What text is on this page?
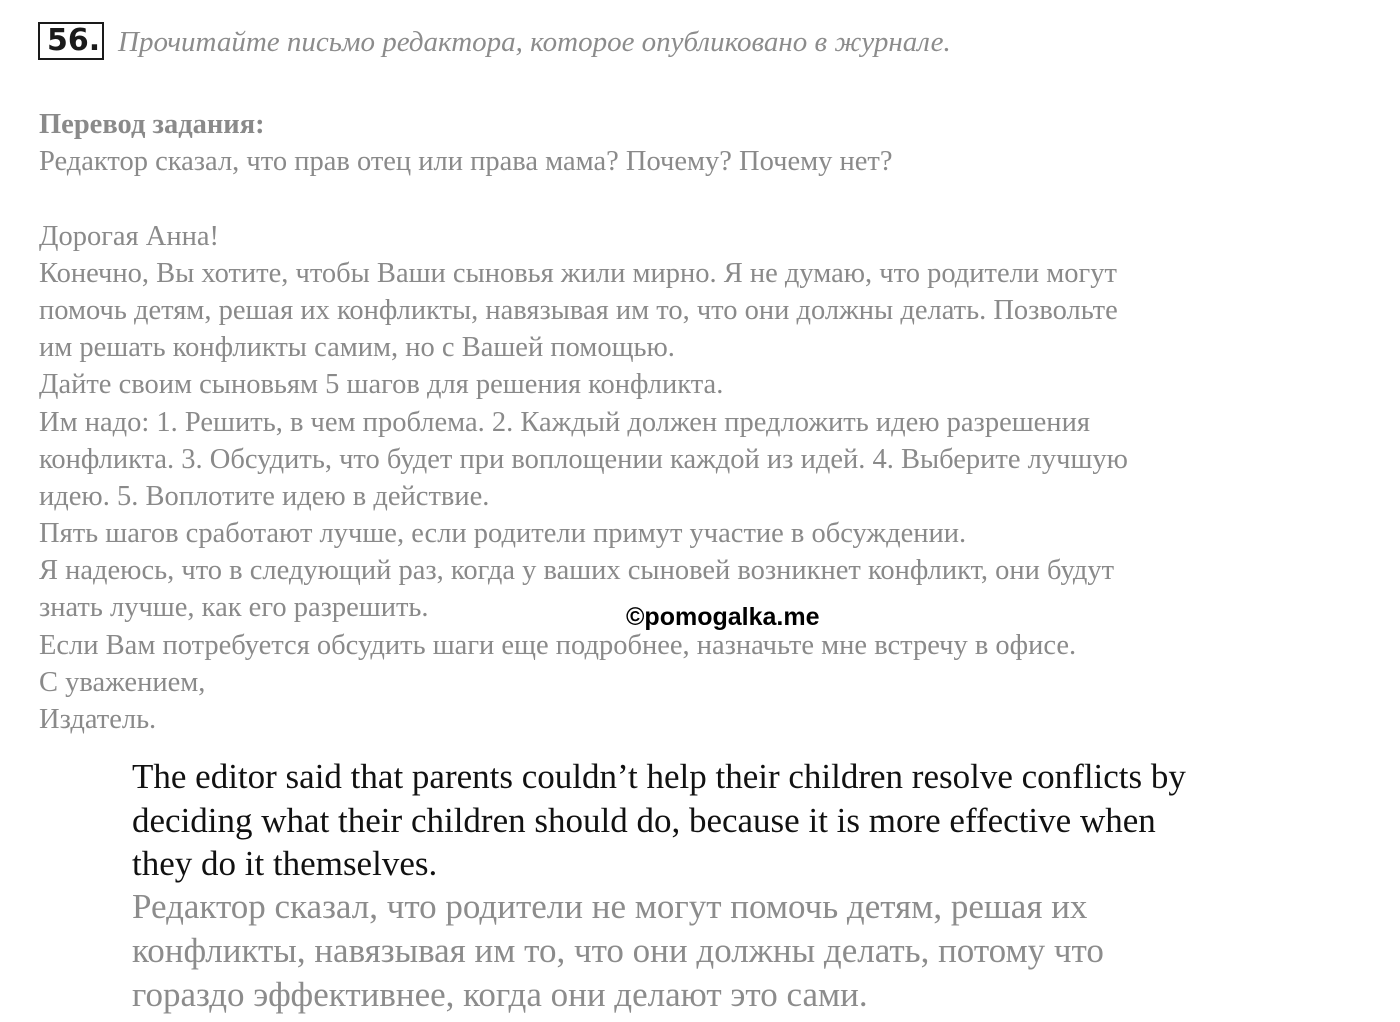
56. Прочитайте письмо редактора, которое опубликовано в журнале.
Перевод задания:
Редактор сказал, что прав отец или права мама? Почему? Почему нет?
Дорогая Анна!
Конечно, Вы хотите, чтобы Ваши сыновья жили мирно. Я не думаю, что родители могут
помочь детям, решая их конфликты, навязывая им то, что они должны делать. Позвольте
им решать конфликты самим, но с Вашей помощью.
Дайте своим сыновьям 5 шагов для решения конфликта.
Им надо: 1. Решить, в чем проблема. 2. Каждый должен предложить идею разрешения
конфликта. 3. Обсудить, что будет при воплощении каждой из идей. 4. Выберите лучшую
идею. 5. Воплотите идею в действие.
Пять шагов сработают лучше, если родители примут участие в обсуждении.
Я надеюсь, что в следующий раз, когда у ваших сыновей возникнет конфликт, они будут
знать лучше, как его разрешить.
Если Вам потребуется обсудить шаги еще подробнее, назначьте мне встречу в офисе.
С уважением,
Издатель.
©pomogalka.me
The editor said that parents couldn’t help their children resolve conflicts by
deciding what their children should do, because it is more effective when
they do it themselves.
Редактор сказал, что родители не могут помочь детям, решая их
конфликты, навязывая им то, что они должны делать, потому что
гораздо эффективнее, когда они делают это сами.
